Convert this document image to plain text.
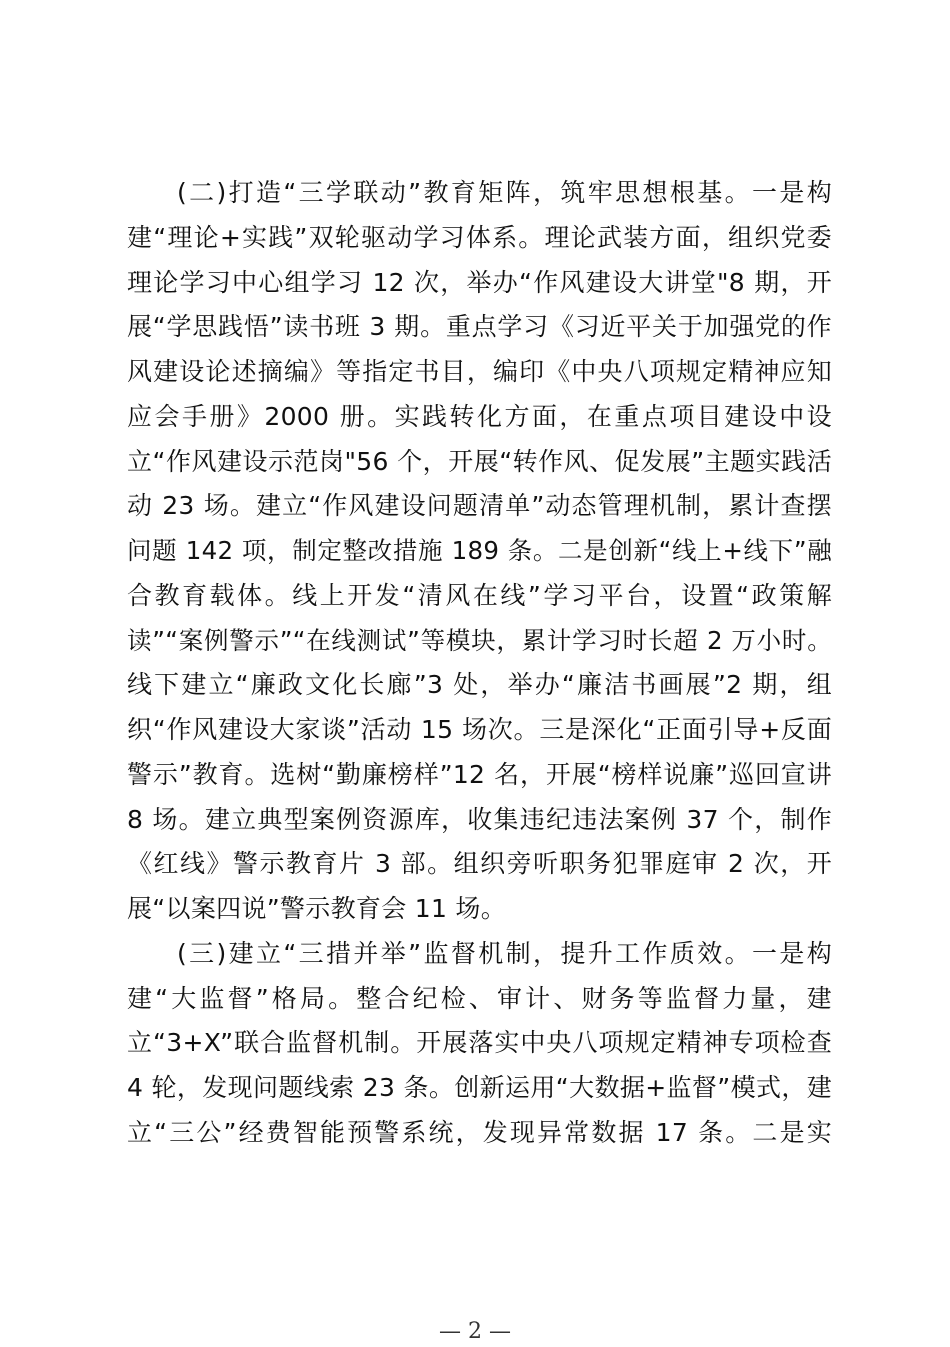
(二)打造“三学联动”教育矩阵，筑牢思想根基。一是构
建“理论+实践”双轮驱动学习体系。理论武装方面，组织党委
理论学习中心组学习 12 次，举办“作风建设大讲堂"8 期，开
展“学思践悟”读书班 3 期。重点学习《习近平关于加强党的作
风建设论述摘编》等指定书目，编印《中央八项规定精神应知
应会手册》2000 册。实践转化方面，在重点项目建设中设
立“作风建设示范岗"56 个，开展“转作风、促发展”主题实践活
动 23 场。建立“作风建设问题清单”动态管理机制，累计查摆
问题 142 项，制定整改措施 189 条。二是创新“线上+线下”融
合教育载体。线上开发“清风在线”学习平台，设置“政策解
读”“案例警示”“在线测试”等模块，累计学习时长超 2 万小时。
线下建立“廉政文化长廊”3 处，举办“廉洁书画展”2 期，组
织“作风建设大家谈”活动 15 场次。三是深化“正面引导+反面
警示”教育。选树“勤廉榜样”12 名，开展“榜样说廉”巡回宣讲
8 场。建立典型案例资源库，收集违纪违法案例 37 个，制作
《红线》警示教育片 3 部。组织旁听职务犯罪庭审 2 次，开
展“以案四说”警示教育会 11 场。
(三)建立“三措并举”监督机制，提升工作质效。一是构
建“大监督”格局。整合纪检、审计、财务等监督力量，建
立“3+X”联合监督机制。开展落实中央八项规定精神专项检查
4 轮，发现问题线索 23 条。创新运用“大数据+监督”模式，建
立“三公”经费智能预警系统，发现异常数据 17 条。二是实
— 2 —
